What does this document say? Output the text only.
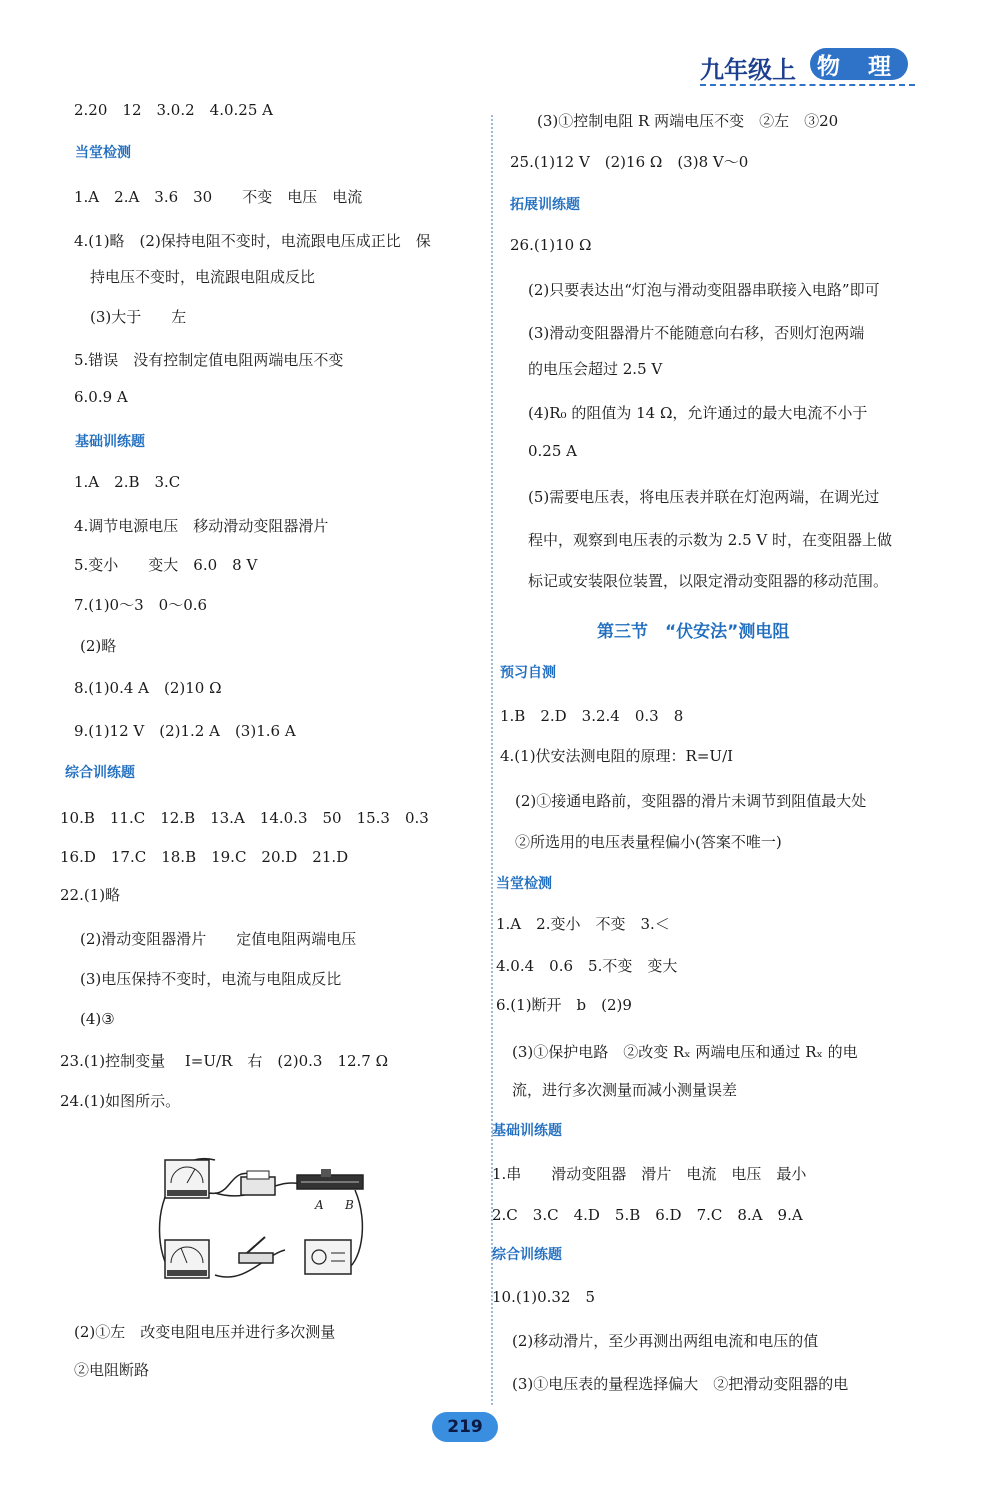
九年级上 物 理
2.20　12　3.0.2　4.0.25 A
当堂检测
1.A　2.A　3.6　30　　不变　电压　电流
4.(1)略　(2)保持电阻不变时，电流跟电压成正比　保
持电压不变时，电流跟电阻成反比
(3)大于　　左
5.错误　没有控制定值电阻两端电压不变
6.0.9 A
基础训练题
1.A　2.B　3.C
4.调节电源电压　移动滑动变阻器滑片
5.变小　　变大　6.0　8 V
7.(1)0～3　0～0.6
(2)略
8.(1)0.4 A　(2)10 Ω
9.(1)12 V　(2)1.2 A　(3)1.6 A
综合训练题
10.B　11.C　12.B　13.A　14.0.3　50　15.3　0.3
16.D　17.C　18.B　19.C　20.D　21.D
22.(1)略
(2)滑动变阻器滑片　　定值电阻两端电压
(3)电压保持不变时，电流与电阻成反比
(4)③
23.(1)控制变量　 I=U/R　右　(2)0.3　12.7 Ω
24.(1)如图所示。
(2)①左　改变电阻电压并进行多次测量
②电阻断路
(3)①控制电阻 R 两端电压不变　②左　③20
25.(1)12 V　(2)16 Ω　(3)8 V～0
拓展训练题
26.(1)10 Ω
(2)只要表达出“灯泡与滑动变阻器串联接入电路”即可
(3)滑动变阻器滑片不能随意向右移，否则灯泡两端
的电压会超过 2.5 V
(4)R₀ 的阻值为 14 Ω，允许通过的最大电流不小于
0.25 A
(5)需要电压表，将电压表并联在灯泡两端，在调光过
程中，观察到电压表的示数为 2.5 V 时，在变阻器上做
标记或安装限位装置，以限定滑动变阻器的移动范围。
第三节　“伏安法”测电阻
预习自测
1.B　2.D　3.2.4　0.3　8
4.(1)伏安法测电阻的原理：R=U/I
(2)①接通电路前，变阻器的滑片未调节到阻值最大处
②所选用的电压表量程偏小(答案不唯一)
当堂检测
1.A　2.变小　不变　3.＜
4.0.4　0.6　5.不变　变大
6.(1)断开　b　(2)9
(3)①保护电路　②改变 Rₓ 两端电压和通过 Rₓ 的电
流，进行多次测量而减小测量误差
基础训练题
1.串　　滑动变阻器　滑片　电流　电压　最小
2.C　3.C　4.D　5.B　6.D　7.C　8.A　9.A
综合训练题
10.(1)0.32　5
(2)移动滑片，至少再测出两组电流和电压的值
(3)①电压表的量程选择偏大　②把滑动变阻器的电
A B
219
